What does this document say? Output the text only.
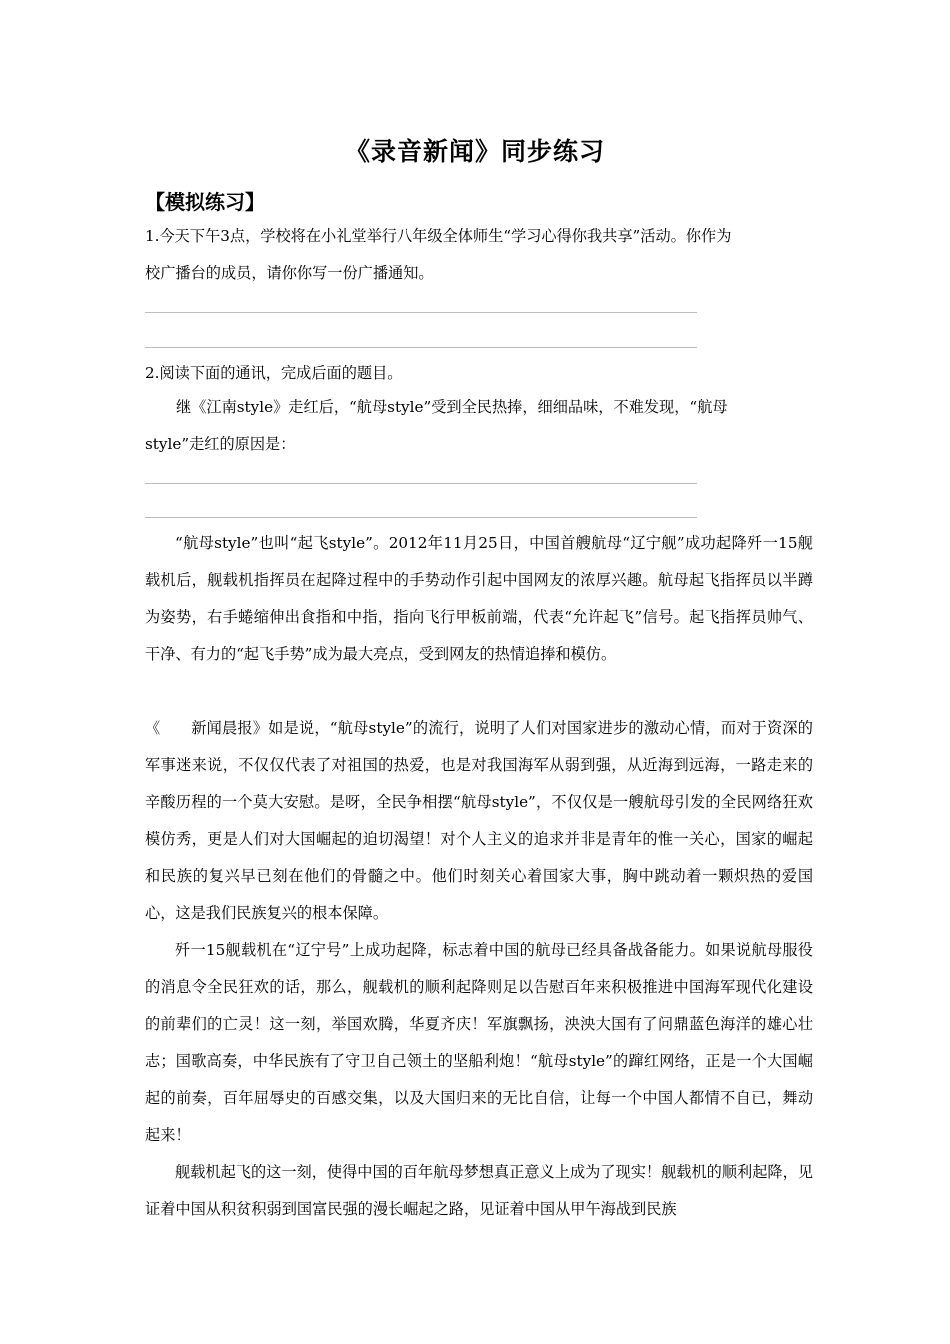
《录音新闻》同步练习
【模拟练习】
1.今天下午3点，学校将在小礼堂举行八年级全体师生“学习心得你我共享”活动。你作为
校广播台的成员，请你你写一份广播通知。
2.阅读下面的通讯，完成后面的题目。
继《江南style》走红后，“航母style”受到全民热捧，细细品味，不难发现，“航母
style”走红的原因是：
“航母style”也叫“起飞style”。2012年11月25日，中国首艘航母“辽宁舰”成功起降歼一15舰载机后，舰载机指挥员在起降过程中的手势动作引起中国网友的浓厚兴趣。航母起飞指挥员以半蹲为姿势，右手蜷缩伸出食指和中指，指向飞行甲板前端，代表“允许起飞”信号。起飞指挥员帅气、干净、有力的“起飞手势”成为最大亮点，受到网友的热情追捧和模仿。
《　　新闻晨报》如是说，“航母style”的流行，说明了人们对国家进步的激动心情，而对于资深的军事迷来说，不仅仅代表了对祖国的热爱，也是对我国海军从弱到强，从近海到远海，一路走来的辛酸历程的一个莫大安慰。是呀，全民争相摆“航母style”，不仅仅是一艘航母引发的全民网络狂欢模仿秀，更是人们对大国崛起的迫切渴望！对个人主义的追求并非是青年的惟一关心，国家的崛起和民族的复兴早已刻在他们的骨髓之中。他们时刻关心着国家大事，胸中跳动着一颗炽热的爱国心，这是我们民族复兴的根本保障。
歼一15舰载机在“辽宁号”上成功起降，标志着中国的航母已经具备战备能力。如果说航母服役的消息令全民狂欢的话，那么，舰载机的顺利起降则足以告慰百年来积极推进中国海军现代化建设的前辈们的亡灵！这一刻，举国欢腾，华夏齐庆！军旗飘扬，泱泱大国有了问鼎蓝色海洋的雄心壮志；国歌高奏，中华民族有了守卫自己领土的坚船利炮！“航母style”的蹿红网络，正是一个大国崛起的前奏，百年屈辱史的百感交集，以及大国归来的无比自信，让每一个中国人都情不自已，舞动起来！
舰载机起飞的这一刻，使得中国的百年航母梦想真正意义上成为了现实！舰载机的顺利起降，见证着中国从积贫积弱到国富民强的漫长崛起之路，见证着中国从甲午海战到民族
